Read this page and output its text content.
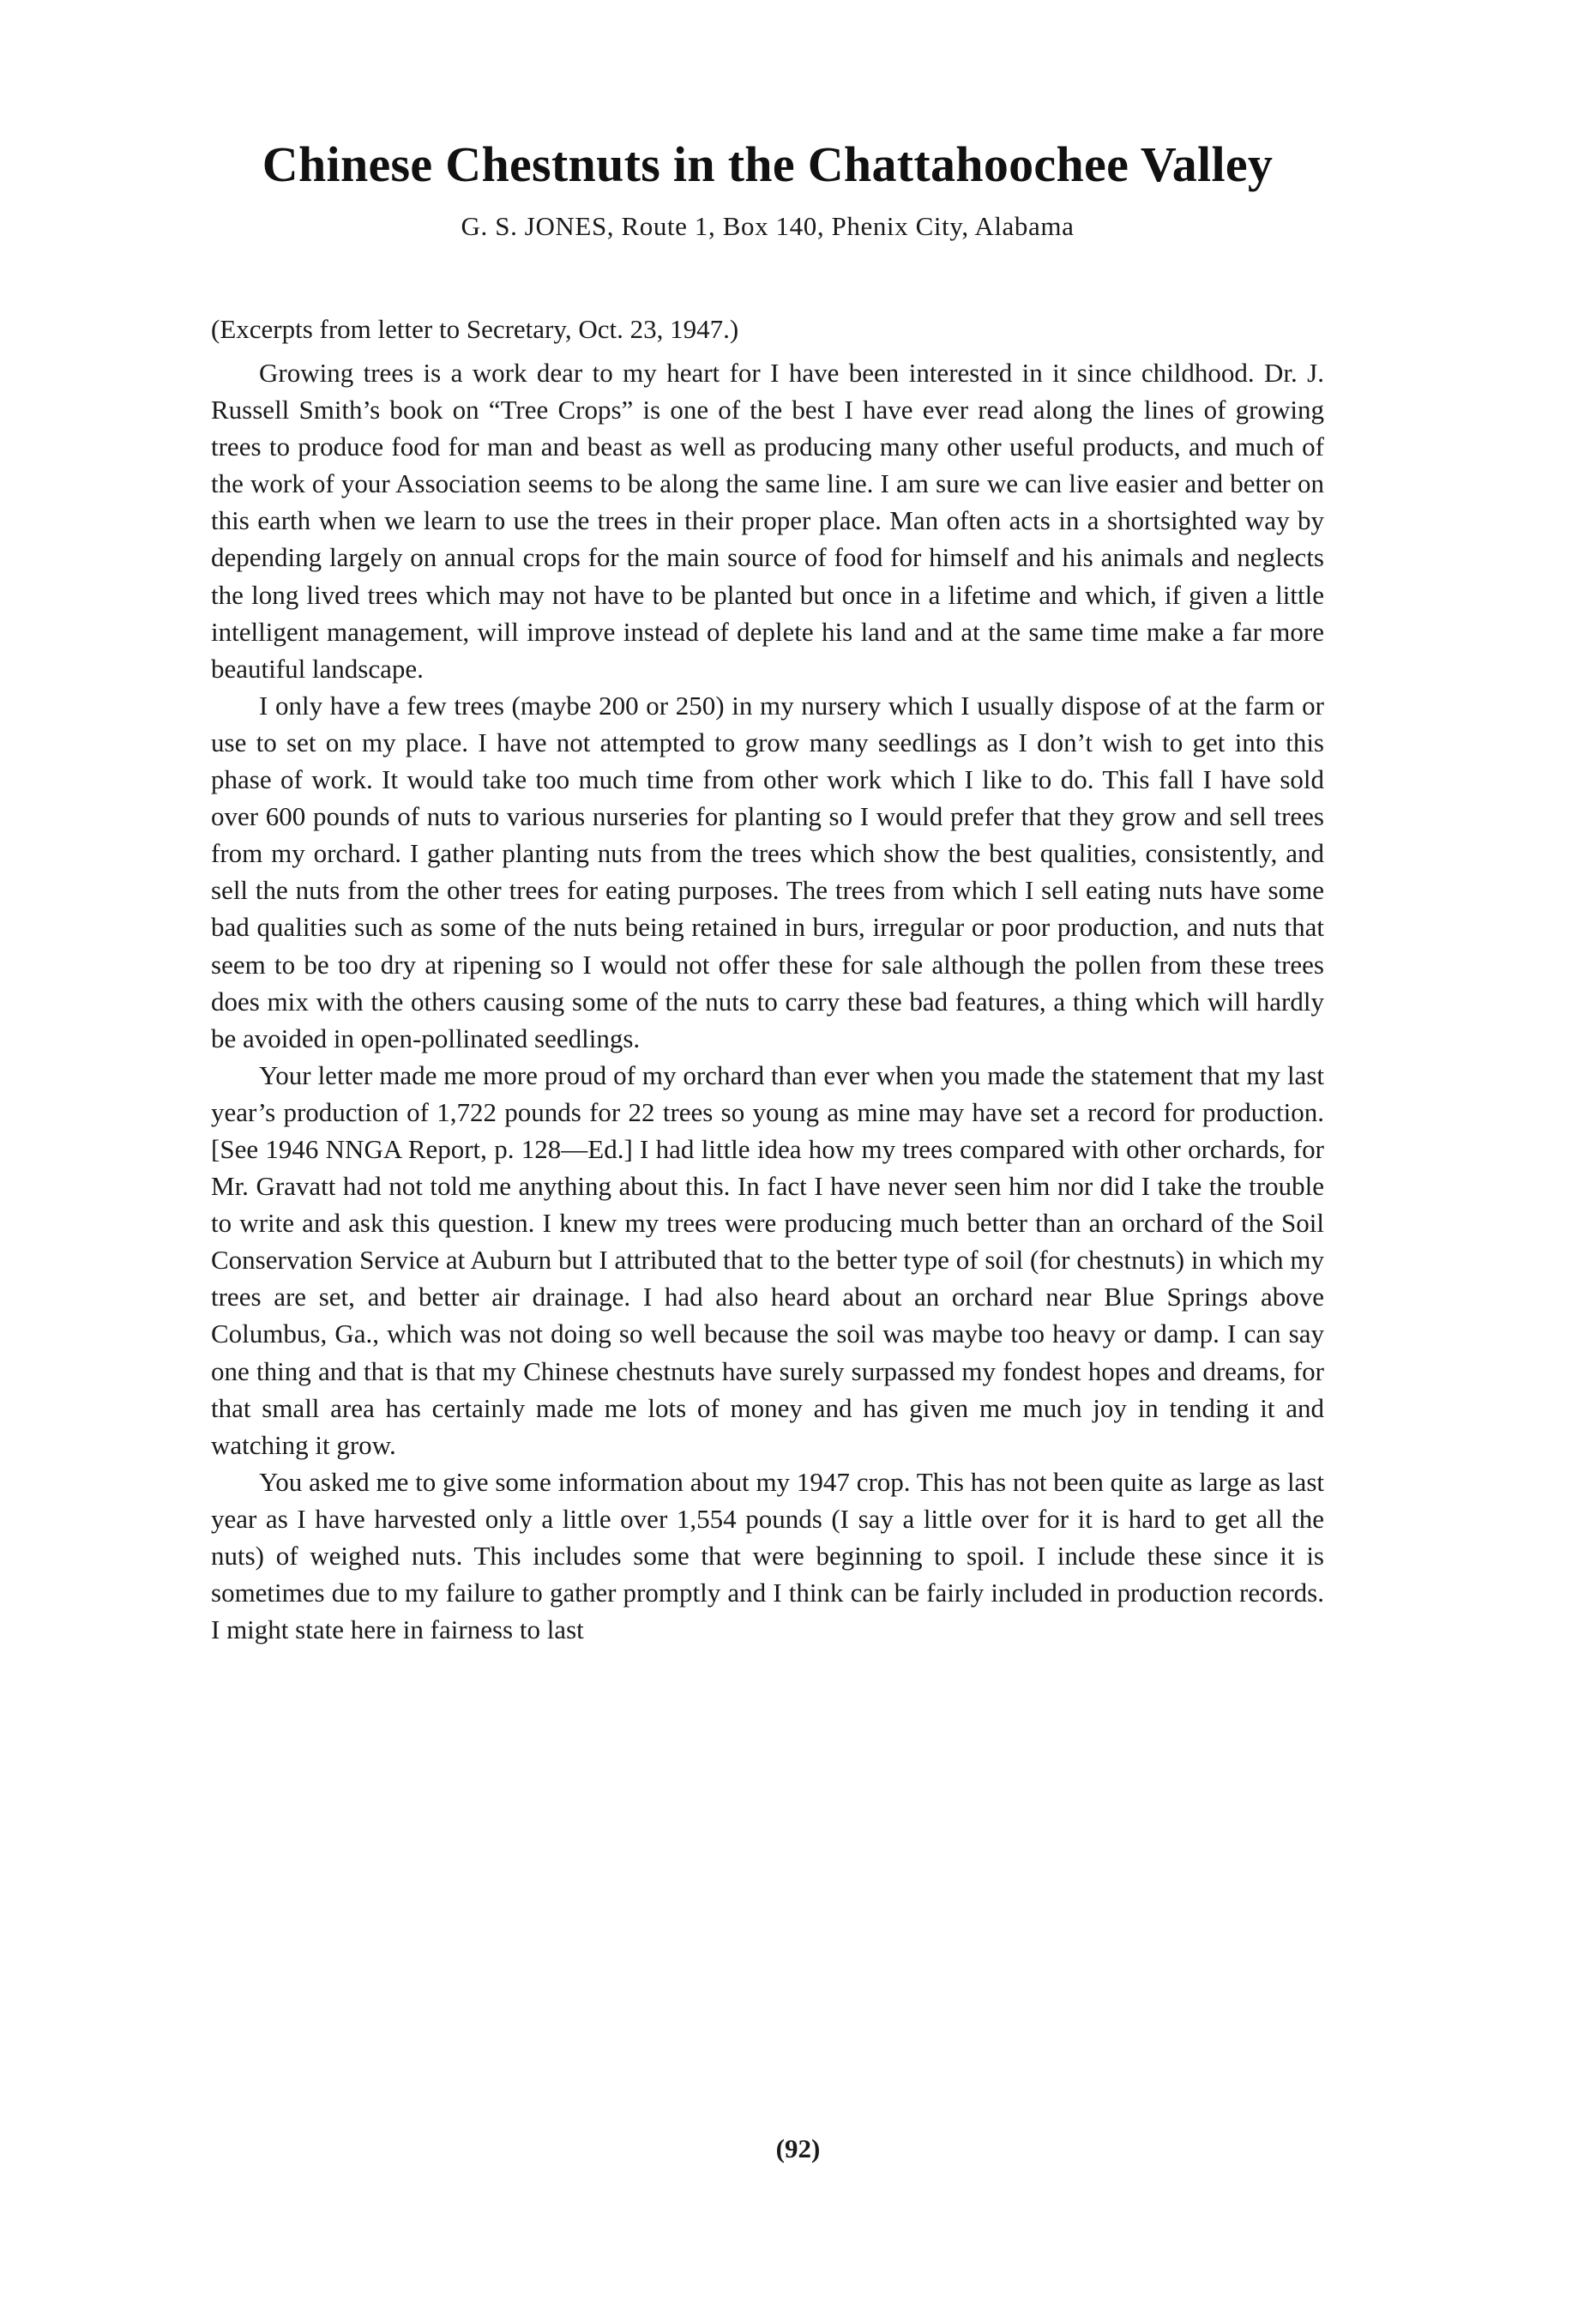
Chinese Chestnuts in the Chattahoochee Valley
G. S. JONES, Route 1, Box 140, Phenix City, Alabama
(Excerpts from letter to Secretary, Oct. 23, 1947.)

Growing trees is a work dear to my heart for I have been interested in it since childhood. Dr. J. Russell Smith’s book on “Tree Crops” is one of the best I have ever read along the lines of growing trees to produce food for man and beast as well as producing many other useful products, and much of the work of your Association seems to be along the same line. I am sure we can live easier and better on this earth when we learn to use the trees in their proper place. Man often acts in a shortsighted way by depending largely on annual crops for the main source of food for himself and his animals and neglects the long lived trees which may not have to be planted but once in a lifetime and which, if given a little intelligent management, will improve instead of deplete his land and at the same time make a far more beautiful landscape.

I only have a few trees (maybe 200 or 250) in my nursery which I usually dispose of at the farm or use to set on my place. I have not attempted to grow many seedlings as I don’t wish to get into this phase of work. It would take too much time from other work which I like to do. This fall I have sold over 600 pounds of nuts to various nurseries for planting so I would prefer that they grow and sell trees from my orchard. I gather planting nuts from the trees which show the best qualities, consistently, and sell the nuts from the other trees for eating purposes. The trees from which I sell eating nuts have some bad qualities such as some of the nuts being retained in burs, irregular or poor production, and nuts that seem to be too dry at ripening so I would not offer these for sale although the pollen from these trees does mix with the others causing some of the nuts to carry these bad features, a thing which will hardly be avoided in open-pollinated seedlings.

Your letter made me more proud of my orchard than ever when you made the statement that my last year’s production of 1,722 pounds for 22 trees so young as mine may have set a record for production. [See 1946 NNGA Report, p. 128—Ed.] I had little idea how my trees compared with other orchards, for Mr. Gravatt had not told me anything about this. In fact I have never seen him nor did I take the trouble to write and ask this question. I knew my trees were producing much better than an orchard of the Soil Conservation Service at Auburn but I attributed that to the better type of soil (for chestnuts) in which my trees are set, and better air drainage. I had also heard about an orchard near Blue Springs above Columbus, Ga., which was not doing so well because the soil was maybe too heavy or damp. I can say one thing and that is that my Chinese chestnuts have surely surpassed my fondest hopes and dreams, for that small area has certainly made me lots of money and has given me much joy in tending it and watching it grow.

You asked me to give some information about my 1947 crop. This has not been quite as large as last year as I have harvested only a little over 1,554 pounds (I say a little over for it is hard to get all the nuts) of weighed nuts. This includes some that were beginning to spoil. I include these since it is sometimes due to my failure to gather promptly and I think can be fairly included in production records. I might state here in fairness to last

(92)
